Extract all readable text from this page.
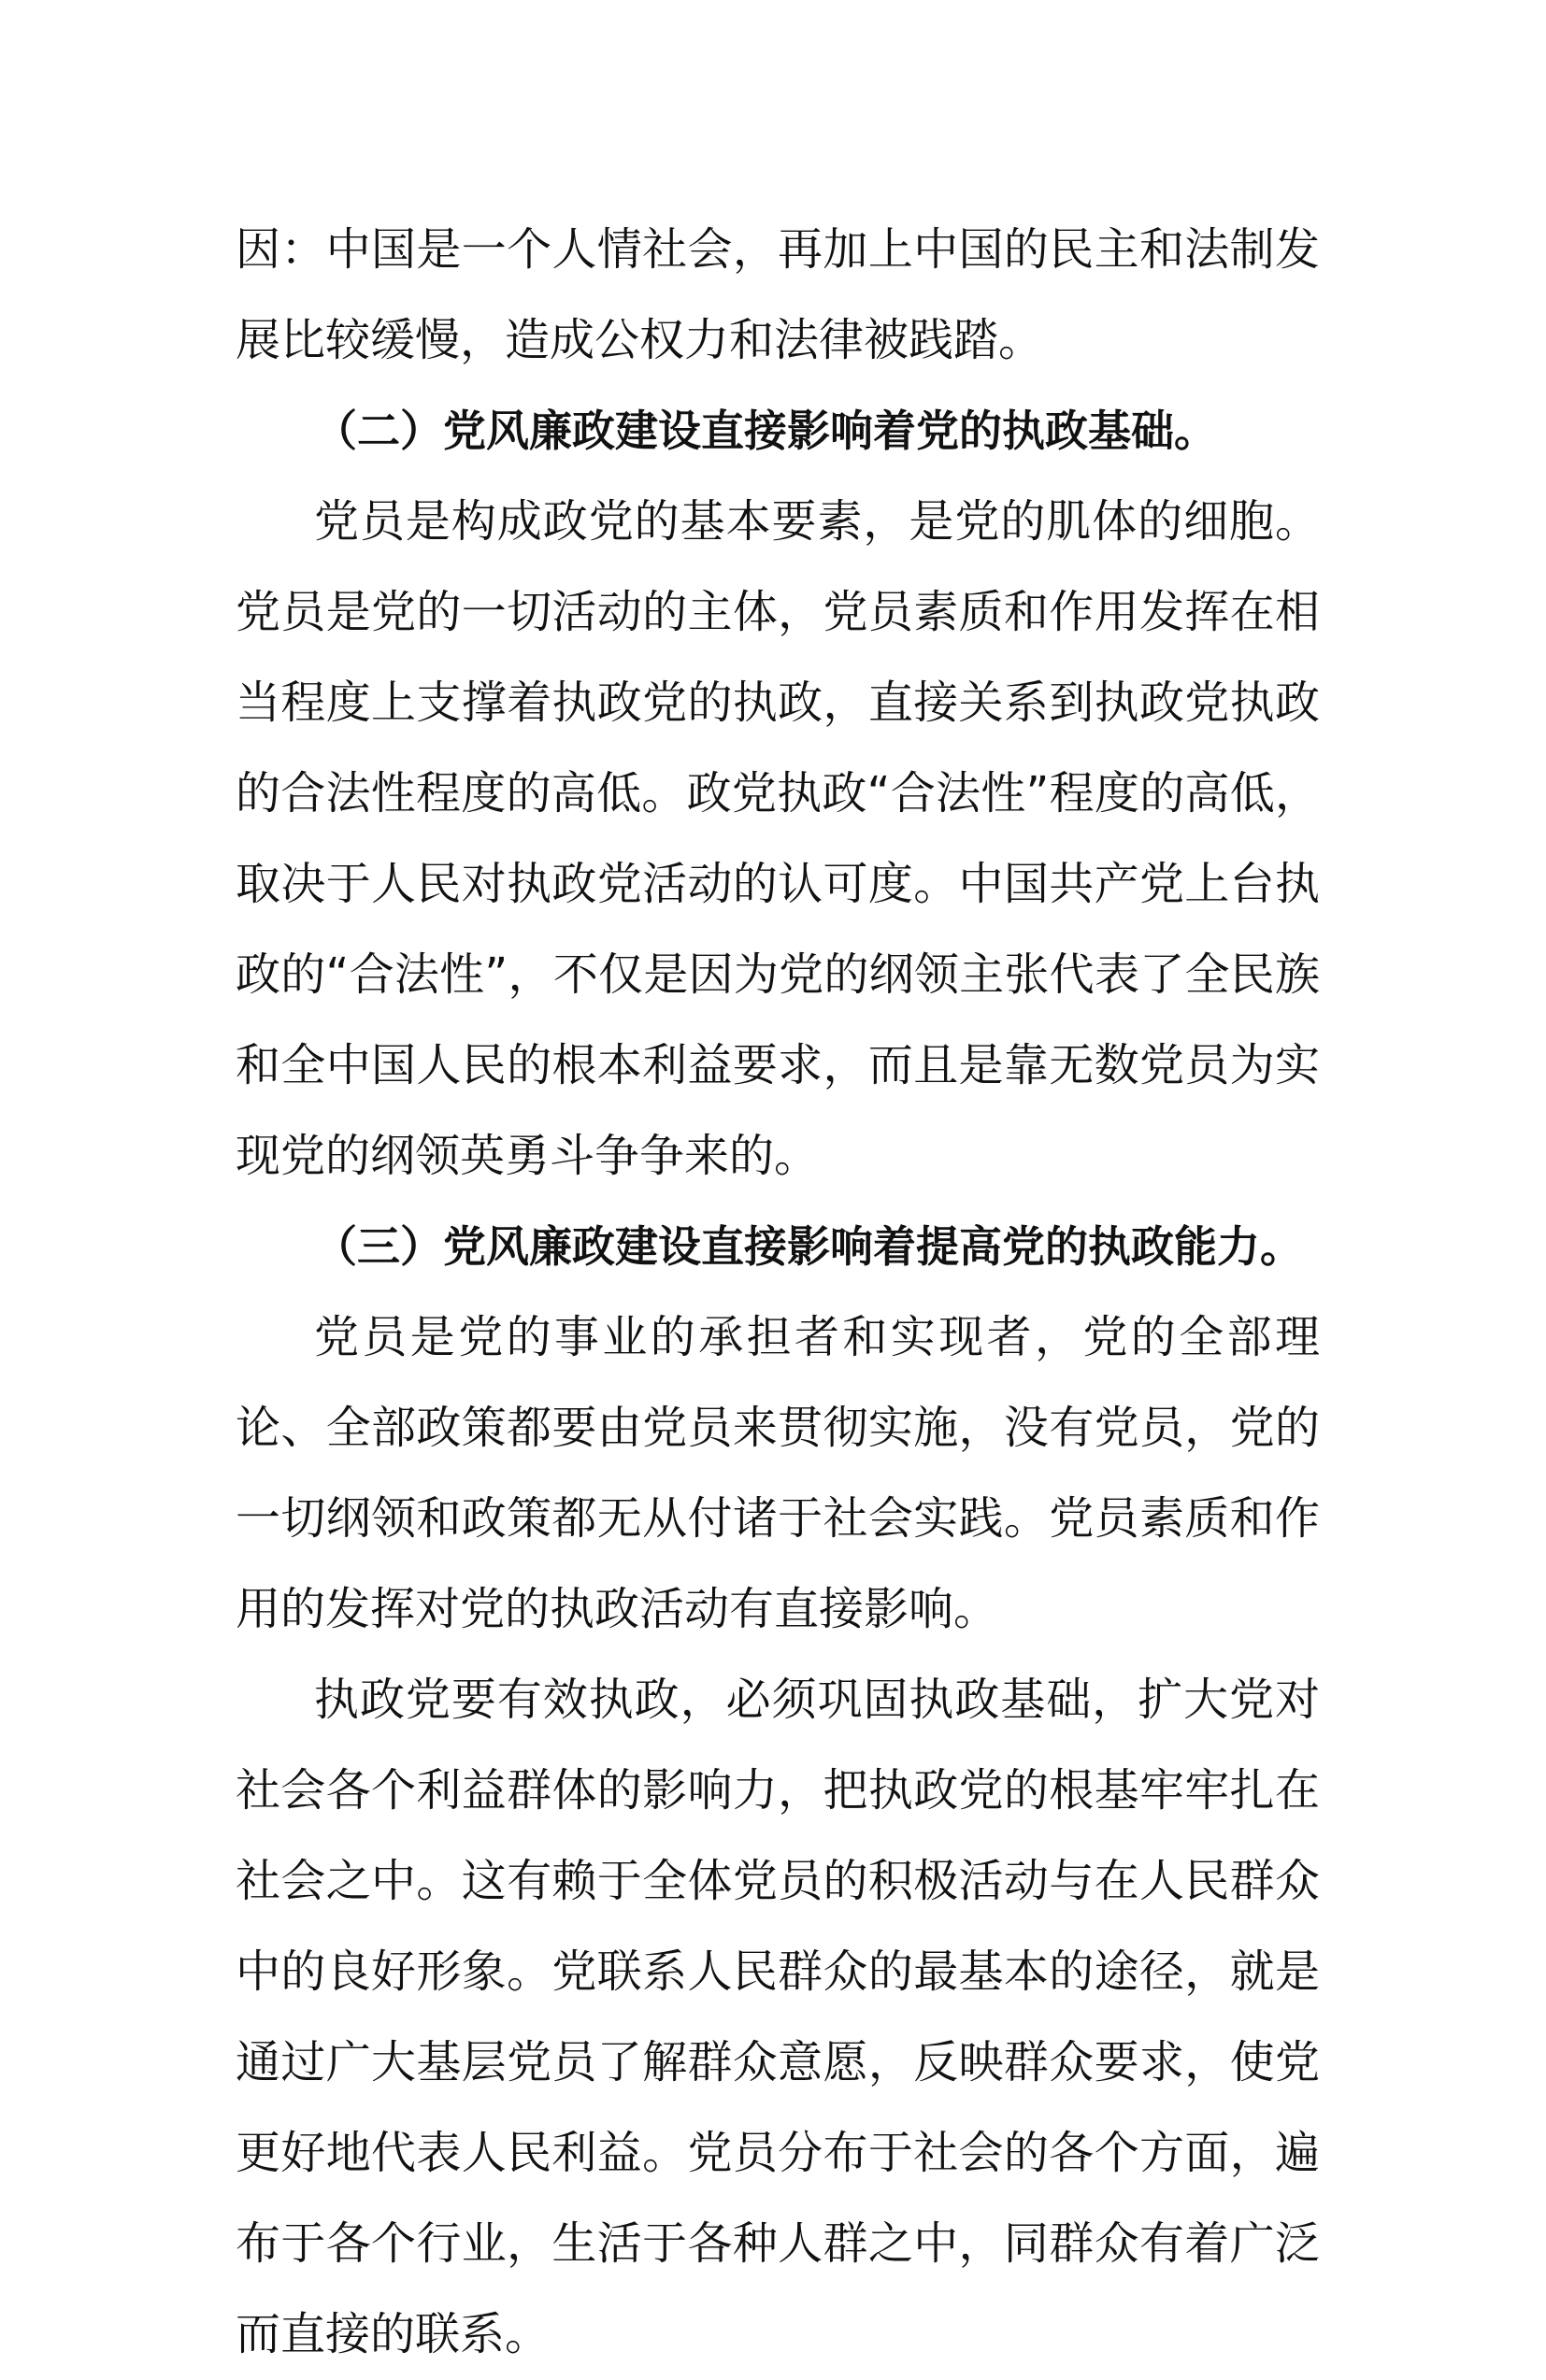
因：中国是一个人情社会，再加上中国的民主和法制发展比较缓慢，造成公权力和法律被践踏。

（二）党风廉政建设直接影响着党的执政基础。

党员是构成政党的基本要素，是党的肌体的细胞。党员是党的一切活动的主体，党员素质和作用发挥在相当程度上支撑着执政党的执政，直接关系到执政党执政的合法性程度的高低。政党执政“合法性”程度的高低，取决于人民对执政党活动的认可度。中国共产党上台执政的“合法性”，不仅是因为党的纲领主张代表了全民族和全中国人民的根本利益要求，而且是靠无数党员为实现党的纲领英勇斗争争来的。

（三）党风廉政建设直接影响着提高党的执政能力。

党员是党的事业的承担者和实现者，党的全部理论、全部政策都要由党员来贯彻实施，没有党员，党的一切纲领和政策都无从付诸于社会实践。党员素质和作用的发挥对党的执政活动有直接影响。

执政党要有效执政，必须巩固执政基础，扩大党对社会各个利益群体的影响力，把执政党的根基牢牢扎在社会之中。这有赖于全体党员的积极活动与在人民群众中的良好形象。党联系人民群众的最基本的途径，就是通过广大基层党员了解群众意愿，反映群众要求，使党更好地代表人民利益。党员分布于社会的各个方面，遍布于各个行业，生活于各种人群之中，同群众有着广泛而直接的联系。
